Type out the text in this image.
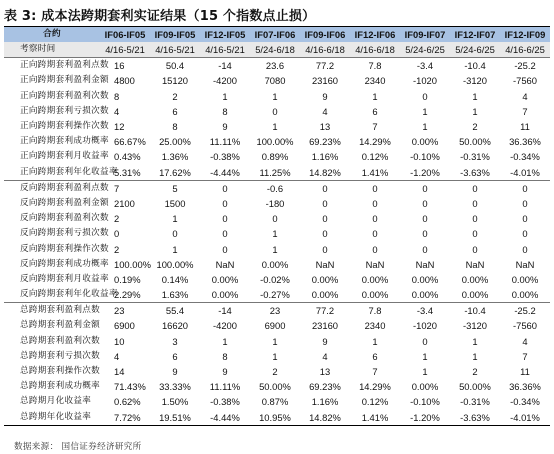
表 3: 成本法跨期套利实证结果（15 个指数点止损）
合约	IF06-IF05	IF09-IF05	IF12-IF05	IF07-IF06	IF09-IF06	IF12-IF06	IF09-IF07	IF12-IF07	IF12-IF09
考察时间	4/16-5/21	4/16-5/21	4/16-5/21	5/24-6/18	4/16-6/18	4/16-6/18	5/24-6/25	5/24-6/25	4/16-6/25
正向跨期套利盈利点数	16	50.4	-14	23.6	77.2	7.8	-3.4	-10.4	-25.2
正向跨期套利盈利金额	4800	15120	-4200	7080	23160	2340	-1020	-3120	-7560
正向跨期套利盈利次数	8	2	1	1	9	1	0	1	4
正向跨期套利亏损次数	4	6	8	0	4	6	1	1	7
正向跨期套利操作次数	12	8	9	1	13	7	1	2	11
正向跨期套利成功概率	66.67%	25.00%	11.11%	100.00%	69.23%	14.29%	0.00%	50.00%	36.36%
正向跨期套利月收益率	0.43%	1.36%	-0.38%	0.89%	1.16%	0.12%	-0.10%	-0.31%	-0.34%
正向跨期套利年化收益率	5.31%	17.62%	-4.44%	11.25%	14.82%	1.41%	-1.20%	-3.63%	-4.01%
反向跨期套利盈利点数	7	5	0	-0.6	0	0	0	0	0
反向跨期套利盈利金额	2100	1500	0	-180	0	0	0	0	0
反向跨期套利盈利次数	2	1	0	0	0	0	0	0	0
反向跨期套利亏损次数	0	0	0	1	0	0	0	0	0
反向跨期套利操作次数	2	1	0	1	0	0	0	0	0
反向跨期套利成功概率	100.00%	100.00%	NaN	0.00%	NaN	NaN	NaN	NaN	NaN
反向跨期套利月收益率	0.19%	0.14%	0.00%	-0.02%	0.00%	0.00%	0.00%	0.00%	0.00%
反向跨期套利年化收益率	2.29%	1.63%	0.00%	-0.27%	0.00%	0.00%	0.00%	0.00%	0.00%
总跨期套利盈利点数	23	55.4	-14	23	77.2	7.8	-3.4	-10.4	-25.2
总跨期套利盈利金额	6900	16620	-4200	6900	23160	2340	-1020	-3120	-7560
总跨期套利盈利次数	10	3	1	1	9	1	0	1	4
总跨期套利亏损次数	4	6	8	1	4	6	1	1	7
总跨期套利操作次数	14	9	9	2	13	7	1	2	11
总跨期套利成功概率	71.43%	33.33%	11.11%	50.00%	69.23%	14.29%	0.00%	50.00%	36.36%
总跨期月化收益率	0.62%	1.50%	-0.38%	0.87%	1.16%	0.12%	-0.10%	-0.31%	-0.34%
总跨期年化收益率	7.72%	19.51%	-4.44%	10.95%	14.82%	1.41%	-1.20%	-3.63%	-4.01%
数据来源： 国信证券经济研究所
